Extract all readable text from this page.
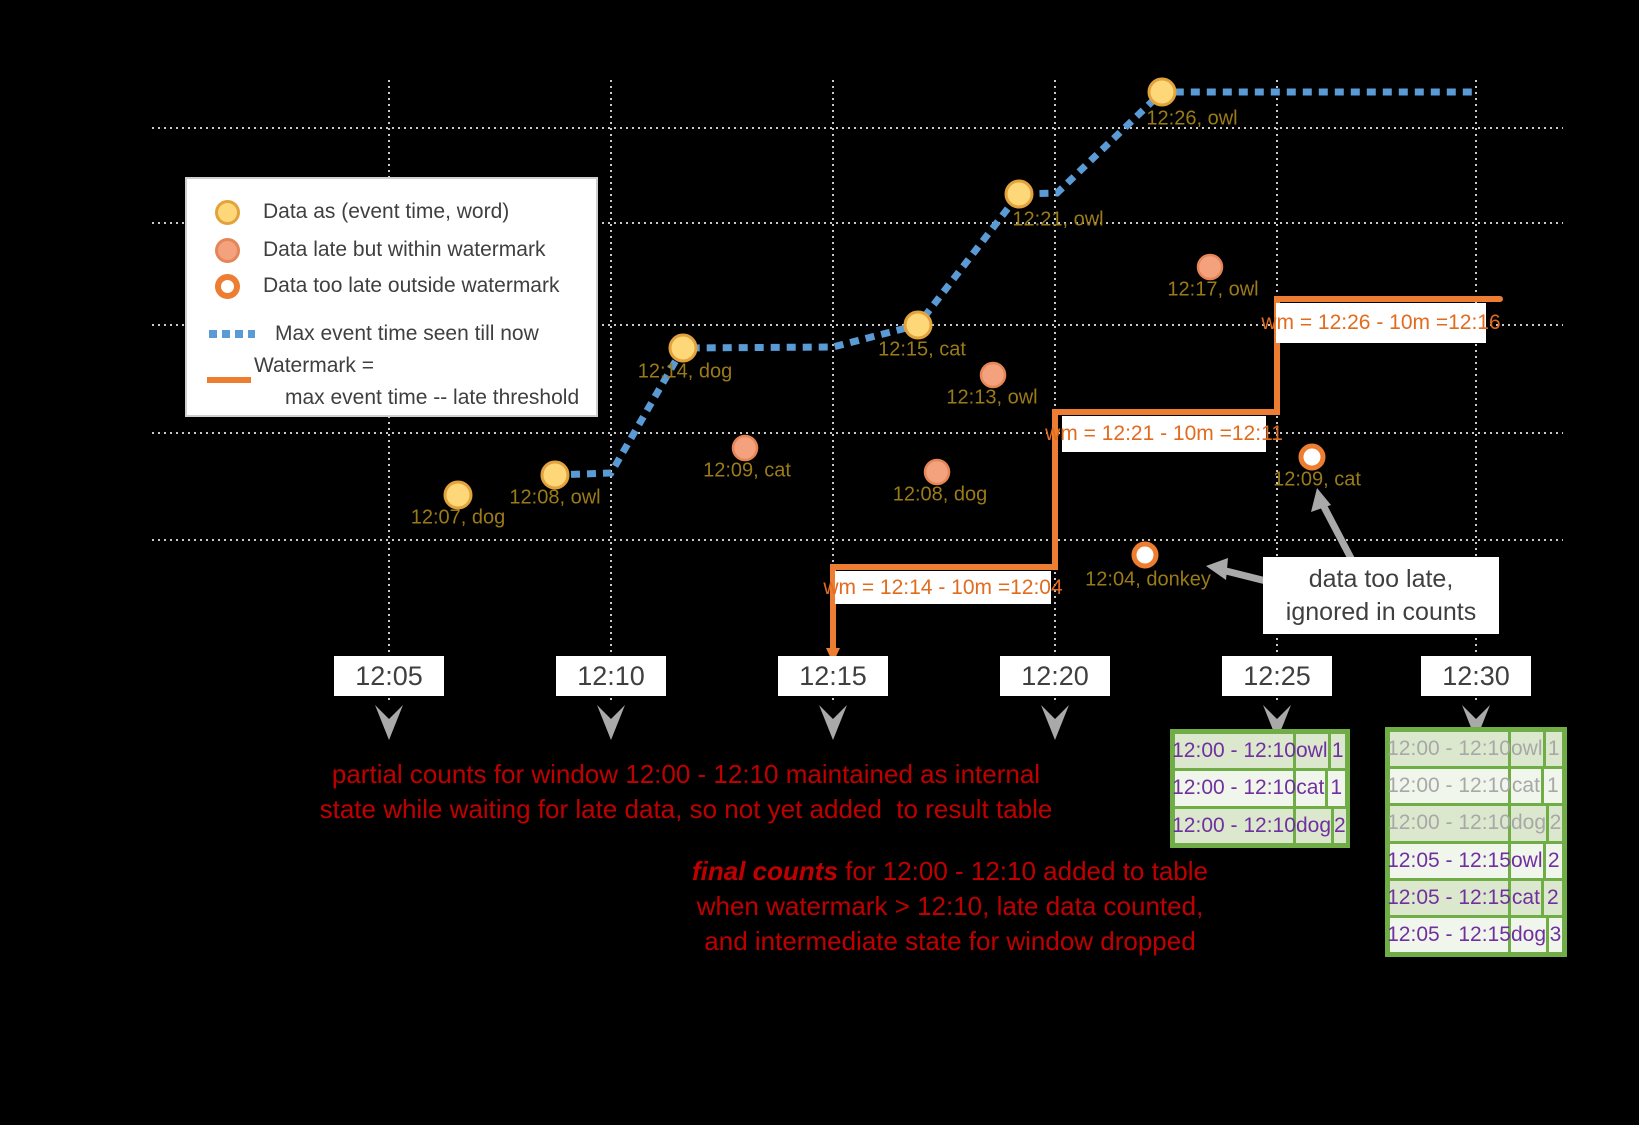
Data as (event time, word)
Data late but within watermark
Data too late outside watermark
Max event time seen till now
Watermark =
max event time -- late threshold
wm = 12:14 - 10m =12:04
wm = 12:21 - 10m =12:11
wm = 12:26 - 10m =12:16
12:05	12:10	12:15	12:20	12:25	12:30
12:07, dog
12:08, owl
12:14, dog
12:15, cat
12:21, owl
12:26, owl
12:09, cat
12:08, dog
12:13, owl
12:17, owl
12:04, donkey
12:09, cat
partial counts for window 12:00 - 12:10 maintained as internal
state while waiting for late data, so not yet added  to result table
final counts for 12:00 - 12:10 added to table
when watermark > 12:10, late data counted,
and intermediate state for window dropped
data too late,
ignored in counts
12:00 - 12:10 owl 1
12:00 - 12:10 cat 1
12:00 - 12:10 dog 2
12:00 - 12:10 owl 1
12:00 - 12:10 cat 1
12:00 - 12:10 dog 2
12:05 - 12:15 owl 2
12:05 - 12:15 cat 2
12:05 - 12:15 dog 3
